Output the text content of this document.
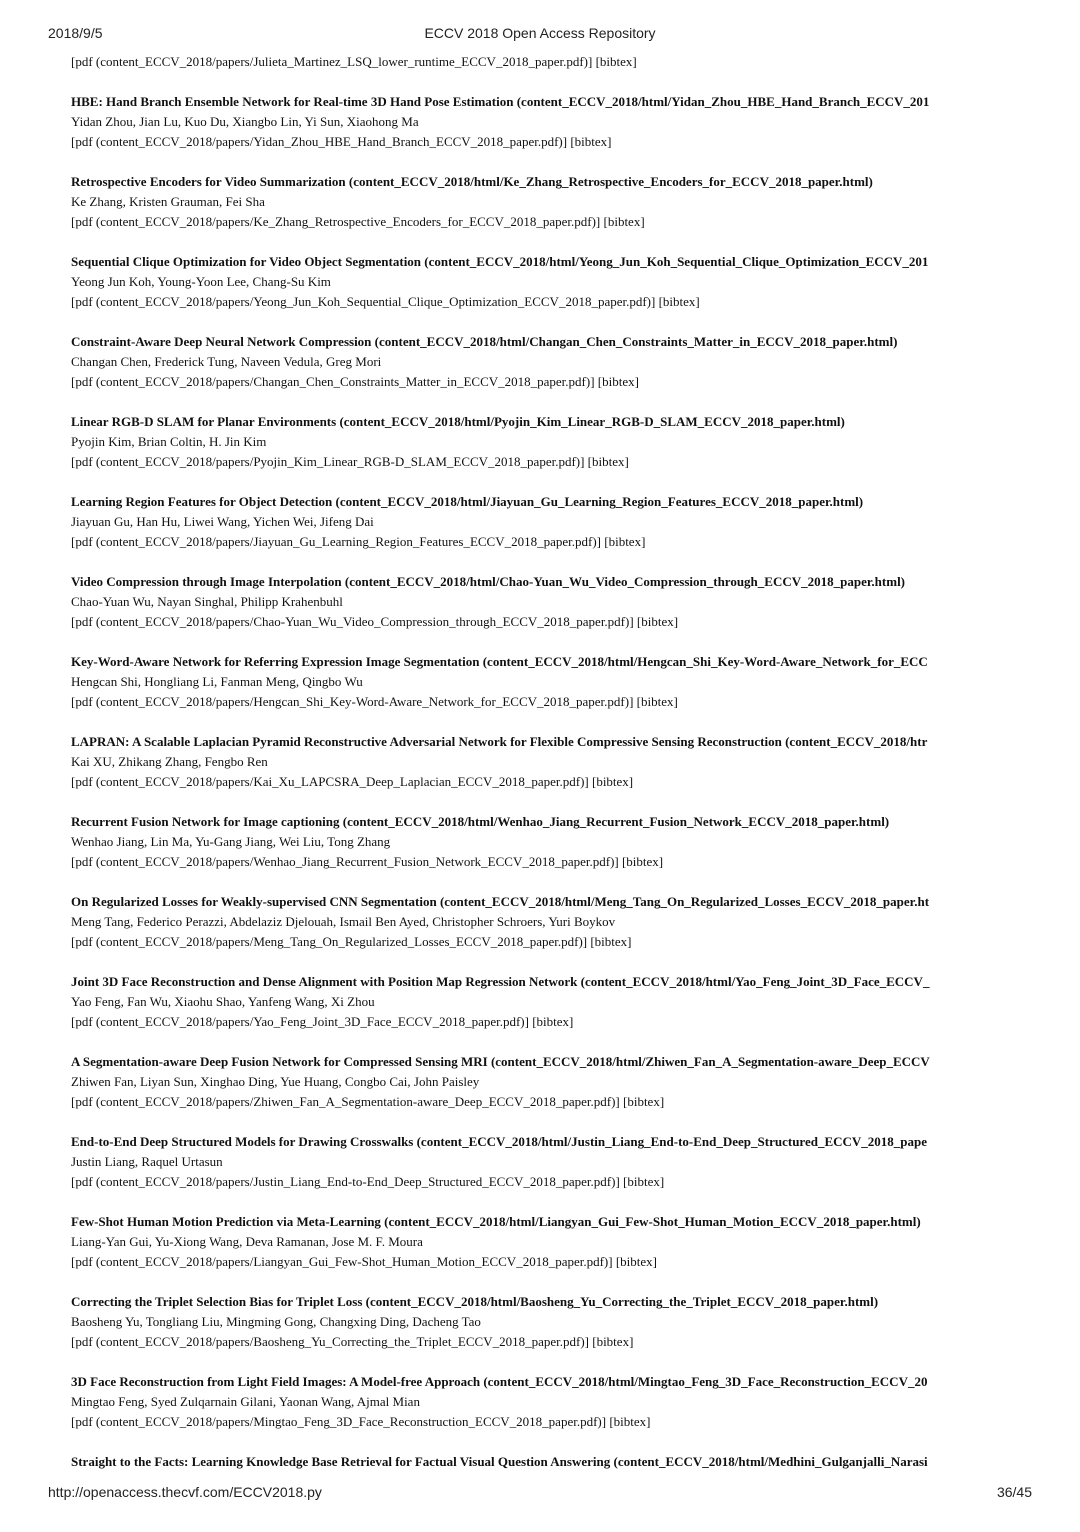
2018/9/5	ECCV 2018 Open Access Repository
[pdf (content_ECCV_2018/papers/Julieta_Martinez_LSQ_lower_runtime_ECCV_2018_paper.pdf)] [bibtex]
HBE: Hand Branch Ensemble Network for Real-time 3D Hand Pose Estimation (content_ECCV_2018/html/Yidan_Zhou_HBE_Hand_Branch_ECCV_201
Yidan Zhou, Jian Lu, Kuo Du, Xiangbo Lin, Yi Sun, Xiaohong Ma
[pdf (content_ECCV_2018/papers/Yidan_Zhou_HBE_Hand_Branch_ECCV_2018_paper.pdf)] [bibtex]
Retrospective Encoders for Video Summarization (content_ECCV_2018/html/Ke_Zhang_Retrospective_Encoders_for_ECCV_2018_paper.html)
Ke Zhang, Kristen Grauman, Fei Sha
[pdf (content_ECCV_2018/papers/Ke_Zhang_Retrospective_Encoders_for_ECCV_2018_paper.pdf)] [bibtex]
Sequential Clique Optimization for Video Object Segmentation (content_ECCV_2018/html/Yeong_Jun_Koh_Sequential_Clique_Optimization_ECCV_201
Yeong Jun Koh, Young-Yoon Lee, Chang-Su Kim
[pdf (content_ECCV_2018/papers/Yeong_Jun_Koh_Sequential_Clique_Optimization_ECCV_2018_paper.pdf)] [bibtex]
Constraint-Aware Deep Neural Network Compression (content_ECCV_2018/html/Changan_Chen_Constraints_Matter_in_ECCV_2018_paper.html)
Changan Chen, Frederick Tung, Naveen Vedula, Greg Mori
[pdf (content_ECCV_2018/papers/Changan_Chen_Constraints_Matter_in_ECCV_2018_paper.pdf)] [bibtex]
Linear RGB-D SLAM for Planar Environments (content_ECCV_2018/html/Pyojin_Kim_Linear_RGB-D_SLAM_ECCV_2018_paper.html)
Pyojin Kim, Brian Coltin, H. Jin Kim
[pdf (content_ECCV_2018/papers/Pyojin_Kim_Linear_RGB-D_SLAM_ECCV_2018_paper.pdf)] [bibtex]
Learning Region Features for Object Detection (content_ECCV_2018/html/Jiayuan_Gu_Learning_Region_Features_ECCV_2018_paper.html)
Jiayuan Gu, Han Hu, Liwei Wang, Yichen Wei, Jifeng Dai
[pdf (content_ECCV_2018/papers/Jiayuan_Gu_Learning_Region_Features_ECCV_2018_paper.pdf)] [bibtex]
Video Compression through Image Interpolation (content_ECCV_2018/html/Chao-Yuan_Wu_Video_Compression_through_ECCV_2018_paper.html)
Chao-Yuan Wu, Nayan Singhal, Philipp Krahenbuhl
[pdf (content_ECCV_2018/papers/Chao-Yuan_Wu_Video_Compression_through_ECCV_2018_paper.pdf)] [bibtex]
Key-Word-Aware Network for Referring Expression Image Segmentation (content_ECCV_2018/html/Hengcan_Shi_Key-Word-Aware_Network_for_ECC
Hengcan Shi, Hongliang Li, Fanman Meng, Qingbo Wu
[pdf (content_ECCV_2018/papers/Hengcan_Shi_Key-Word-Aware_Network_for_ECCV_2018_paper.pdf)] [bibtex]
LAPRAN: A Scalable Laplacian Pyramid Reconstructive Adversarial Network for Flexible Compressive Sensing Reconstruction (content_ECCV_2018/htr
Kai XU, Zhikang Zhang, Fengbo Ren
[pdf (content_ECCV_2018/papers/Kai_Xu_LAPCSRA_Deep_Laplacian_ECCV_2018_paper.pdf)] [bibtex]
Recurrent Fusion Network for Image captioning (content_ECCV_2018/html/Wenhao_Jiang_Recurrent_Fusion_Network_ECCV_2018_paper.html)
Wenhao Jiang, Lin Ma, Yu-Gang Jiang, Wei Liu, Tong Zhang
[pdf (content_ECCV_2018/papers/Wenhao_Jiang_Recurrent_Fusion_Network_ECCV_2018_paper.pdf)] [bibtex]
On Regularized Losses for Weakly-supervised CNN Segmentation (content_ECCV_2018/html/Meng_Tang_On_Regularized_Losses_ECCV_2018_paper.ht
Meng Tang, Federico Perazzi, Abdelaziz Djelouah, Ismail Ben Ayed, Christopher Schroers, Yuri Boykov
[pdf (content_ECCV_2018/papers/Meng_Tang_On_Regularized_Losses_ECCV_2018_paper.pdf)] [bibtex]
Joint 3D Face Reconstruction and Dense Alignment with Position Map Regression Network (content_ECCV_2018/html/Yao_Feng_Joint_3D_Face_ECCV_
Yao Feng, Fan Wu, Xiaohu Shao, Yanfeng Wang, Xi Zhou
[pdf (content_ECCV_2018/papers/Yao_Feng_Joint_3D_Face_ECCV_2018_paper.pdf)] [bibtex]
A Segmentation-aware Deep Fusion Network for Compressed Sensing MRI (content_ECCV_2018/html/Zhiwen_Fan_A_Segmentation-aware_Deep_ECCV
Zhiwen Fan, Liyan Sun, Xinghao Ding, Yue Huang, Congbo Cai, John Paisley
[pdf (content_ECCV_2018/papers/Zhiwen_Fan_A_Segmentation-aware_Deep_ECCV_2018_paper.pdf)] [bibtex]
End-to-End Deep Structured Models for Drawing Crosswalks (content_ECCV_2018/html/Justin_Liang_End-to-End_Deep_Structured_ECCV_2018_pape
Justin Liang, Raquel Urtasun
[pdf (content_ECCV_2018/papers/Justin_Liang_End-to-End_Deep_Structured_ECCV_2018_paper.pdf)] [bibtex]
Few-Shot Human Motion Prediction via Meta-Learning (content_ECCV_2018/html/Liangyan_Gui_Few-Shot_Human_Motion_ECCV_2018_paper.html)
Liang-Yan Gui, Yu-Xiong Wang, Deva Ramanan, Jose M. F. Moura
[pdf (content_ECCV_2018/papers/Liangyan_Gui_Few-Shot_Human_Motion_ECCV_2018_paper.pdf)] [bibtex]
Correcting the Triplet Selection Bias for Triplet Loss (content_ECCV_2018/html/Baosheng_Yu_Correcting_the_Triplet_ECCV_2018_paper.html)
Baosheng Yu, Tongliang Liu, Mingming Gong, Changxing Ding, Dacheng Tao
[pdf (content_ECCV_2018/papers/Baosheng_Yu_Correcting_the_Triplet_ECCV_2018_paper.pdf)] [bibtex]
3D Face Reconstruction from Light Field Images: A Model-free Approach (content_ECCV_2018/html/Mingtao_Feng_3D_Face_Reconstruction_ECCV_20
Mingtao Feng, Syed Zulqarnain Gilani, Yaonan Wang, Ajmal Mian
[pdf (content_ECCV_2018/papers/Mingtao_Feng_3D_Face_Reconstruction_ECCV_2018_paper.pdf)] [bibtex]
Straight to the Facts: Learning Knowledge Base Retrieval for Factual Visual Question Answering (content_ECCV_2018/html/Medhini_Gulganjalli_Narasi
http://openaccess.thecvf.com/ECCV2018.py	36/45
